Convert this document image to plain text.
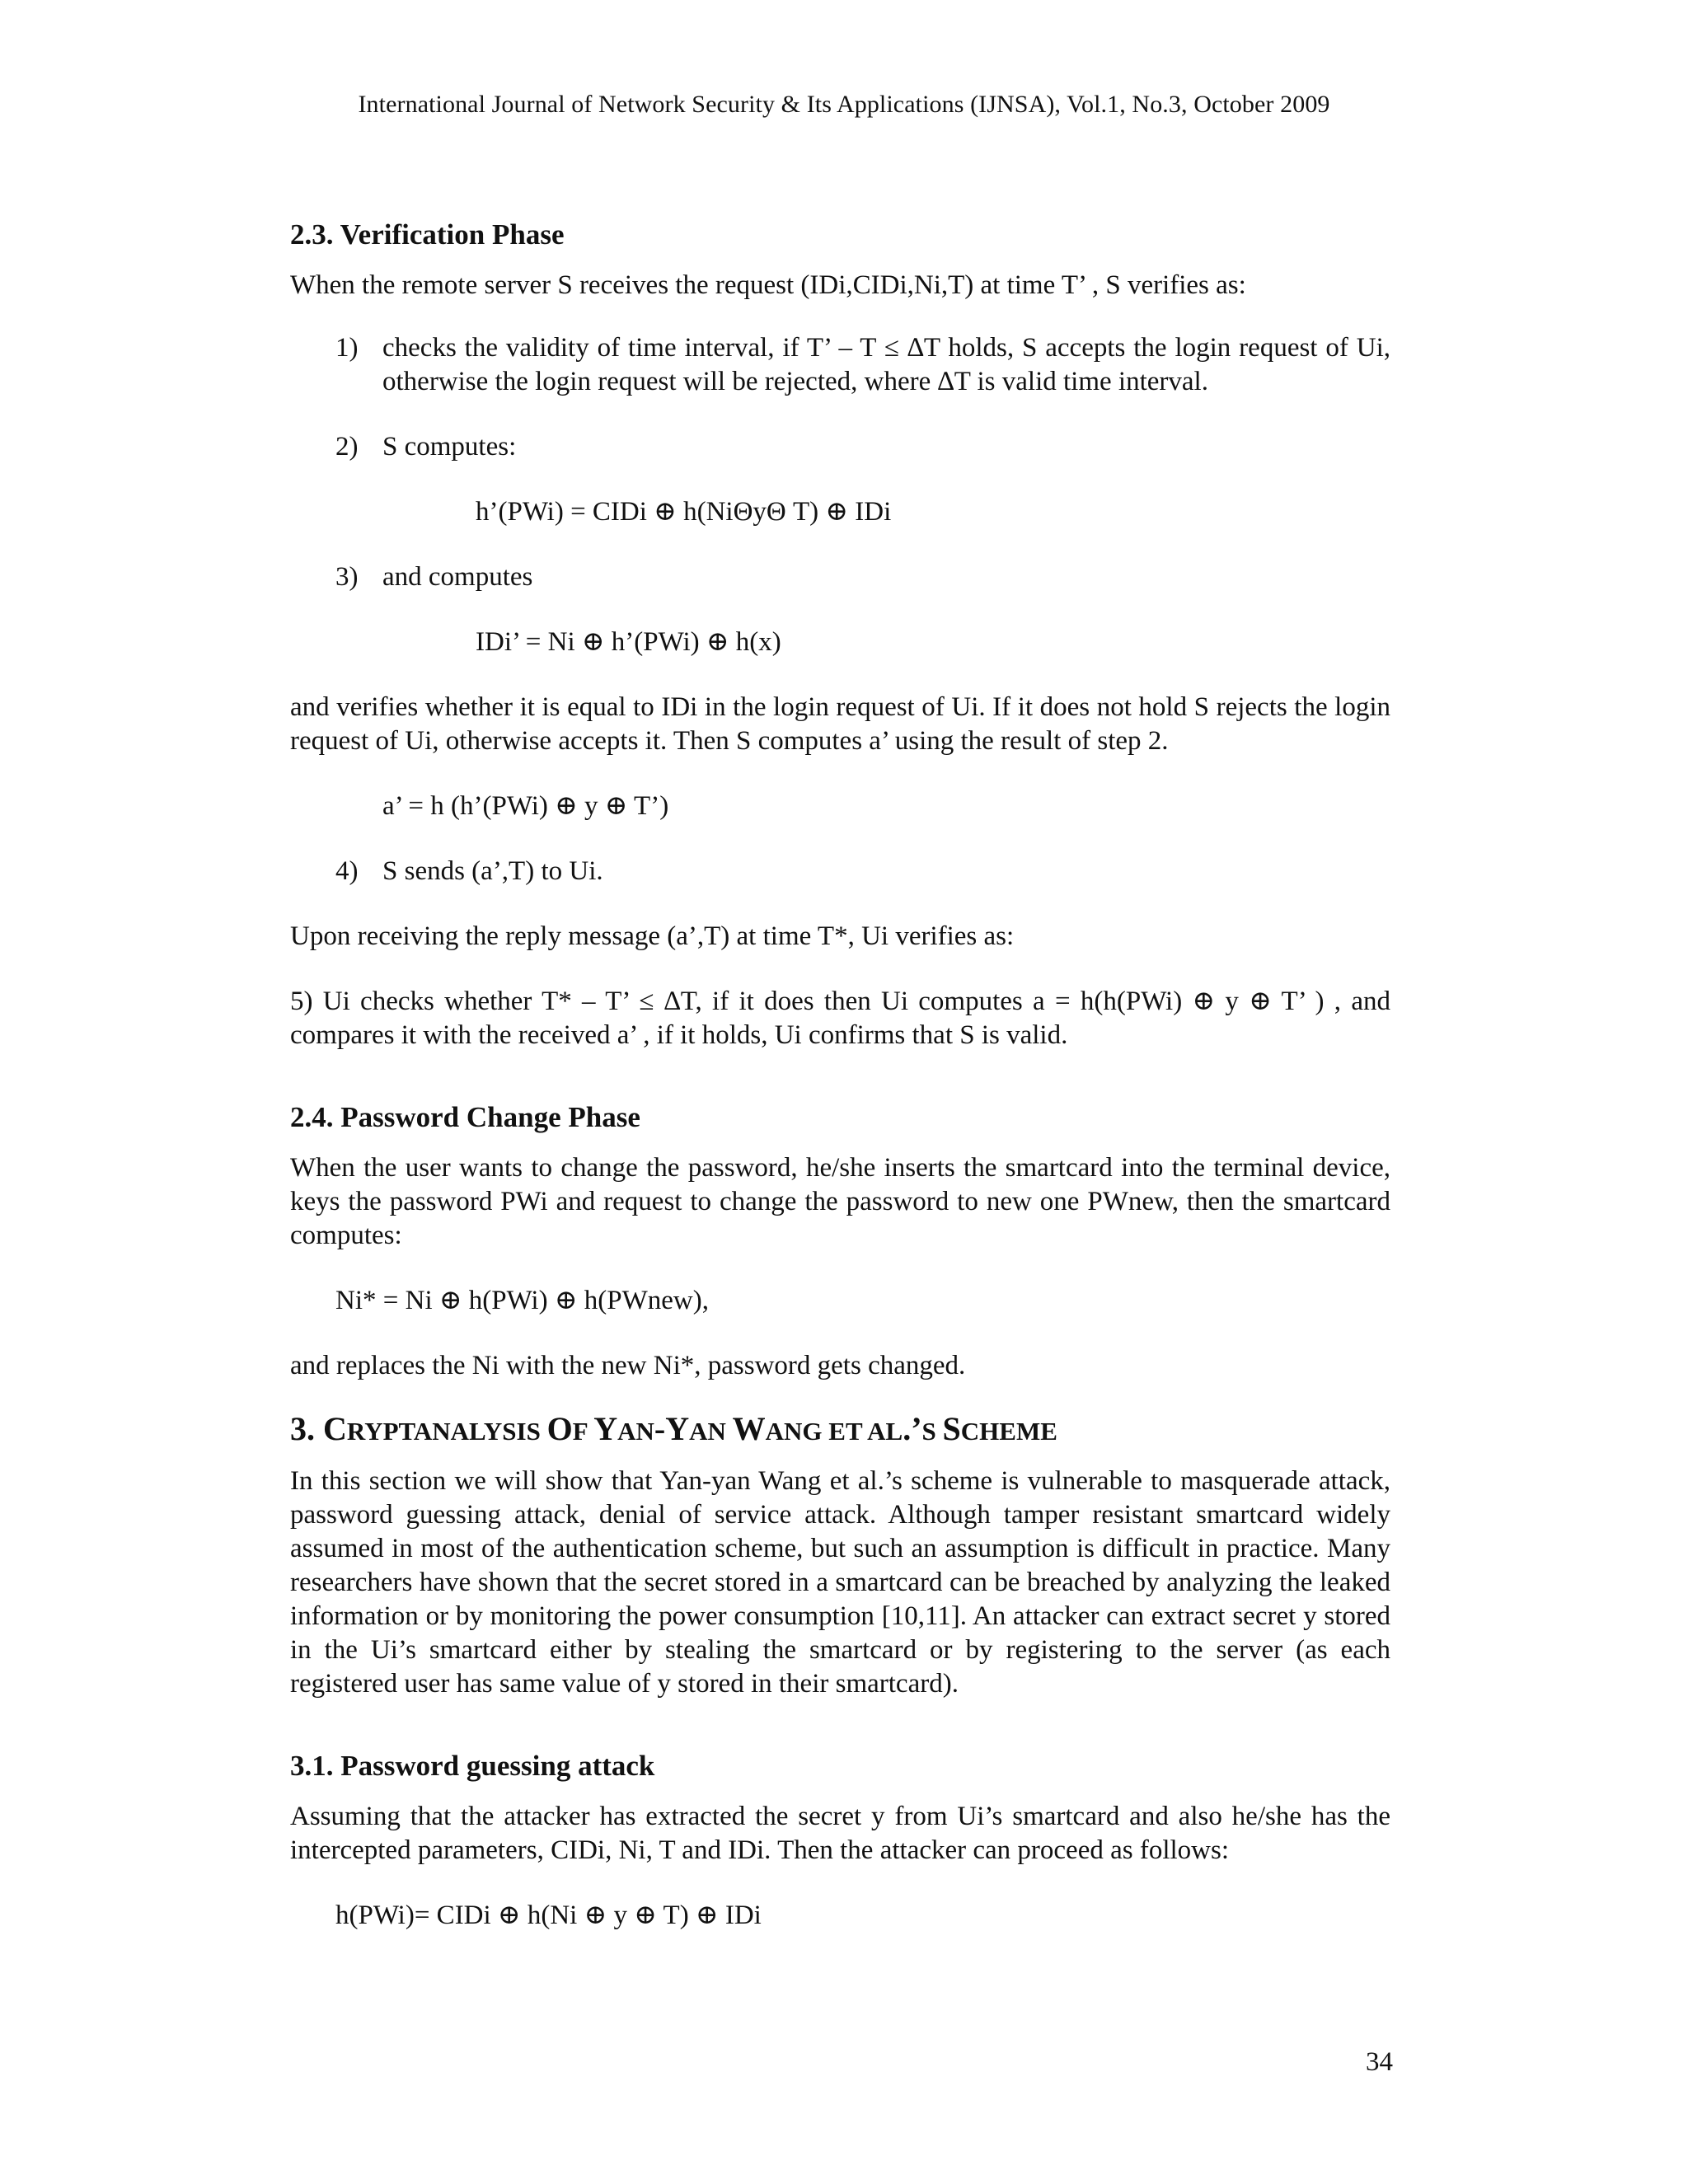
International Journal of Network Security & Its Applications (IJNSA), Vol.1, No.3, October 2009
2.3. Verification Phase

When the remote server S receives the request (IDi,CIDi,Ni,T) at time T’ , S verifies as:

1) checks the validity of time interval, if T’ – T ≤ ∆T holds, S accepts the login request of Ui, otherwise the login request will be rejected, where ∆T is valid time interval.
2) S computes:
h’(PWi) = CIDi ⊕ h(NiΘyΘ T) ⊕ IDi
3) and computes
IDi’ = Ni ⊕ h’(PWi) ⊕ h(x)

and verifies whether it is equal to IDi in the login request of Ui. If it does not hold S rejects the login request of Ui, otherwise accepts it. Then S computes a’ using the result of step 2.

a’ = h (h’(PWi) ⊕ y ⊕ T’)
4) S sends (a’,T) to Ui.

Upon receiving the reply message (a’,T) at time T*, Ui verifies as:

5) Ui checks whether T* – T’ ≤ ∆T, if it does then Ui computes a = h(h(PWi) ⊕ y ⊕ T’ ) , and compares it with the received a’ , if it holds, Ui confirms that S is valid.

2.4. Password Change Phase

When the user wants to change the password, he/she inserts the smartcard into the terminal device, keys the password PWi and request to change the password to new one PWnew, then the smartcard computes:

Ni* = Ni ⊕ h(PWi) ⊕ h(PWnew),

and replaces the Ni with the new Ni*, password gets changed.

3. CRYPTANALYSIS OF YAN-YAN WANG ET AL.’S SCHEME

In this section we will show that Yan-yan Wang et al.’s scheme is vulnerable to masquerade attack, password guessing attack, denial of service attack. Although tamper resistant smartcard widely assumed in most of the authentication scheme, but such an assumption is difficult in practice. Many researchers have shown that the secret stored in a smartcard can be breached by analyzing the leaked information or by monitoring the power consumption [10,11]. An attacker can extract secret y stored in the Ui’s smartcard either by stealing the smartcard or by registering to the server (as each registered user has same value of y stored in their smartcard).

3.1. Password guessing attack

Assuming that the attacker has extracted the secret y from Ui’s smartcard and also he/she has the intercepted parameters, CIDi, Ni, T and IDi. Then the attacker can proceed as follows:

h(PWi)= CIDi ⊕ h(Ni ⊕ y ⊕ T) ⊕ IDi
34
